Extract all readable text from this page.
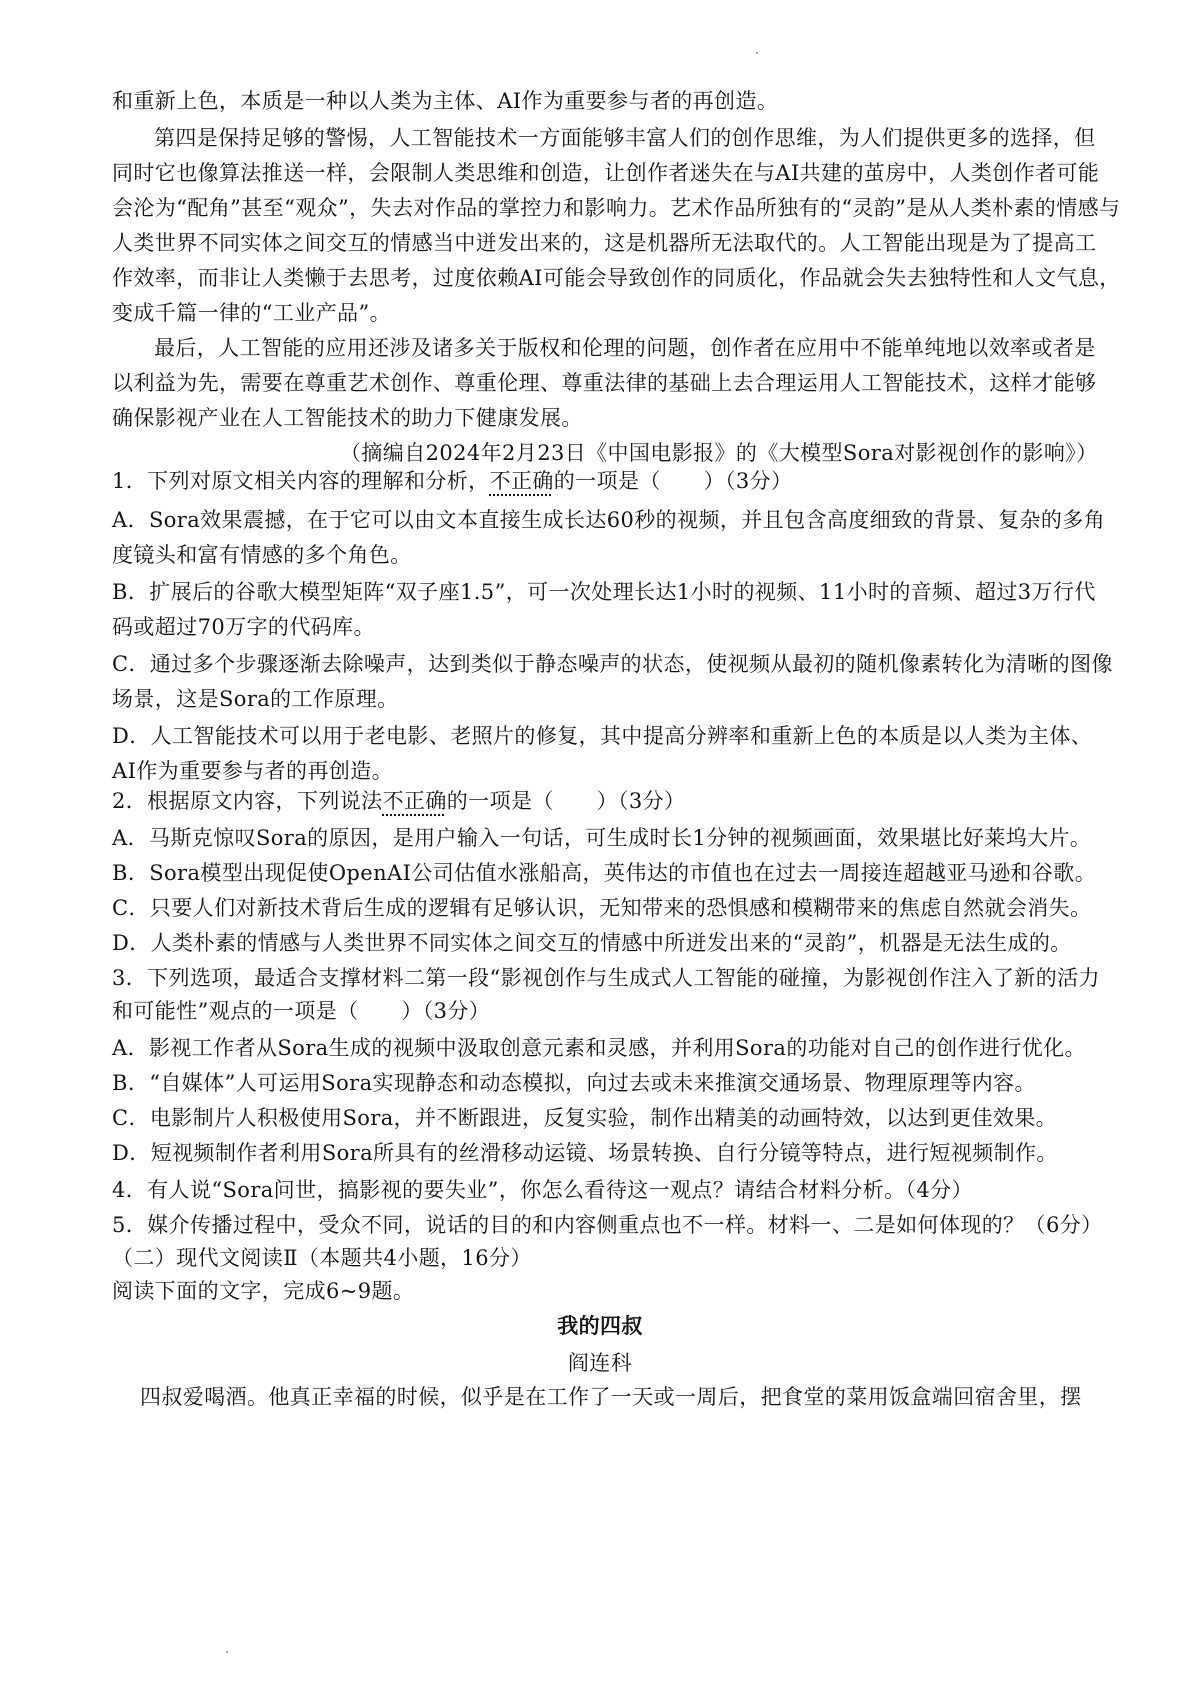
和重新上色，本质是一种以人类为主体、AI作为重要参与者的再创造。
第四是保持足够的警惕，人工智能技术一方面能够丰富人们的创作思维，为人们提供更多的选择，但
同时它也像算法推送一样，会限制人类思维和创造，让创作者迷失在与AI共建的茧房中，人类创作者可能
会沦为“配角”甚至“观众”，失去对作品的掌控力和影响力。艺术作品所独有的“灵韵”是从人类朴素的情感与
人类世界不同实体之间交互的情感当中迸发出来的，这是机器所无法取代的。人工智能出现是为了提高工
作效率，而非让人类懒于去思考，过度依赖AI可能会导致创作的同质化，作品就会失去独特性和人文气息，
变成千篇一律的“工业产品”。
最后，人工智能的应用还涉及诸多关于版权和伦理的问题，创作者在应用中不能单纯地以效率或者是
以利益为先，需要在尊重艺术创作、尊重伦理、尊重法律的基础上去合理运用人工智能技术，这样才能够
确保影视产业在人工智能技术的助力下健康发展。
（摘编自2024年2月23日《中国电影报》的《大模型Sora对影视创作的影响》）
1．下列对原文相关内容的理解和分析，不正确的一项是（　　）（3分）
A．Sora效果震撼，在于它可以由文本直接生成长达60秒的视频，并且包含高度细致的背景、复杂的多角
度镜头和富有情感的多个角色。
B．扩展后的谷歌大模型矩阵“双子座1.5”，可一次处理长达1小时的视频、11小时的音频、超过3万行代
码或超过70万字的代码库。
C．通过多个步骤逐渐去除噪声，达到类似于静态噪声的状态，使视频从最初的随机像素转化为清晰的图像
场景，这是Sora的工作原理。
D．人工智能技术可以用于老电影、老照片的修复，其中提高分辨率和重新上色的本质是以人类为主体、
AI作为重要参与者的再创造。
2．根据原文内容，下列说法不正确的一项是（　　）（3分）
A．马斯克惊叹Sora的原因，是用户输入一句话，可生成时长1分钟的视频画面，效果堪比好莱坞大片。
B．Sora模型出现促使OpenAI公司估值水涨船高，英伟达的市值也在过去一周接连超越亚马逊和谷歌。
C．只要人们对新技术背后生成的逻辑有足够认识，无知带来的恐惧感和模糊带来的焦虑自然就会消失。
D．人类朴素的情感与人类世界不同实体之间交互的情感中所迸发出来的“灵韵”，机器是无法生成的。
3．下列选项，最适合支撑材料二第一段“影视创作与生成式人工智能的碰撞，为影视创作注入了新的活力
和可能性”观点的一项是（　　）（3分）
A．影视工作者从Sora生成的视频中汲取创意元素和灵感，并利用Sora的功能对自己的创作进行优化。
B．“自媒体”人可运用Sora实现静态和动态模拟，向过去或未来推演交通场景、物理原理等内容。
C．电影制片人积极使用Sora，并不断跟进，反复实验，制作出精美的动画特效，以达到更佳效果。
D．短视频制作者利用Sora所具有的丝滑移动运镜、场景转换、自行分镜等特点，进行短视频制作。
4．有人说“Sora问世，搞影视的要失业”，你怎么看待这一观点？请结合材料分析。（4分）
5．媒介传播过程中，受众不同，说话的目的和内容侧重点也不一样。材料一、二是如何体现的？（6分）
（二）现代文阅读Ⅱ（本题共4小题，16分）
阅读下面的文字，完成6~9题。
我的四叔
阎连科
四叔爱喝酒。他真正幸福的时候，似乎是在工作了一天或一周后，把食堂的菜用饭盒端回宿舍里，摆
